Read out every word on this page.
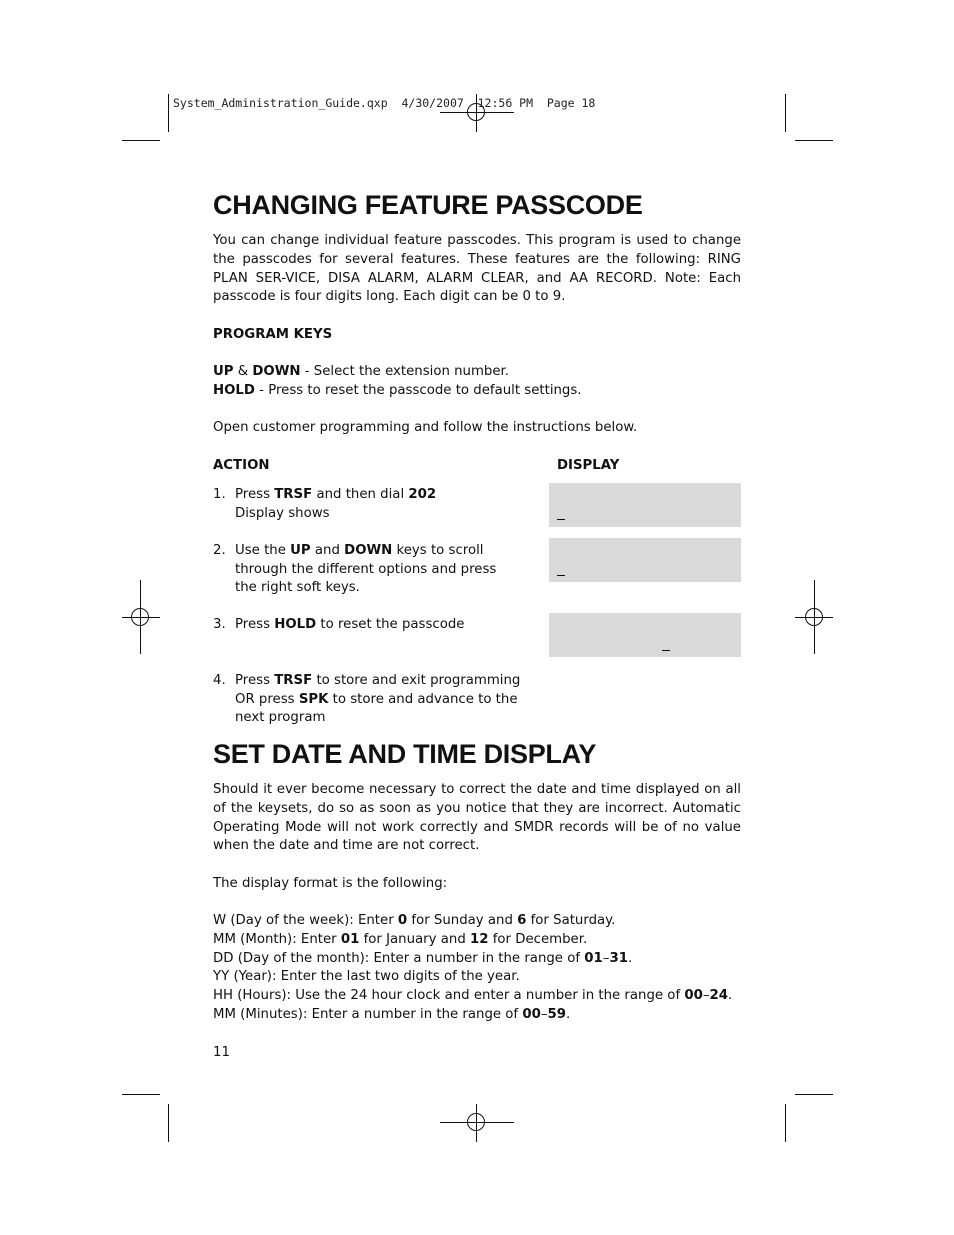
System_Administration_Guide.qxp  4/30/2007  12:56 PM  Page 18
CHANGING FEATURE PASSCODE

You can change individual feature passcodes. This program is used to change the passcodes for several features. These features are the following: RING PLAN SER-VICE, DISA ALARM, ALARM CLEAR, and AA RECORD. Note: Each passcode is four digits long. Each digit can be 0 to 9.

PROGRAM KEYS
UP & DOWN - Select the extension number.
HOLD - Press to reset the passcode to default settings.
Open customer programming and follow the instructions below.
ACTION	DISPLAY
1. Press TRSF and then dial 202
Display shows
2. Use the UP and DOWN keys to scroll
through the different options and press
the right soft keys.
3. Press HOLD to reset the passcode
4. Press TRSF to store and exit programming
OR press SPK to store and advance to the
next program
SET DATE AND TIME DISPLAY

Should it ever become necessary to correct the date and time displayed on all of the keysets, do so as soon as you notice that they are incorrect. Automatic Operating Mode will not work correctly and SMDR records will be of no value when the date and time are not correct.

The display format is the following:
W (Day of the week): Enter 0 for Sunday and 6 for Saturday.
MM (Month): Enter 01 for January and 12 for December.
DD (Day of the month): Enter a number in the range of 01–31.
YY (Year): Enter the last two digits of the year.
HH (Hours): Use the 24 hour clock and enter a number in the range of 00–24.
MM (Minutes): Enter a number in the range of 00–59.
11
